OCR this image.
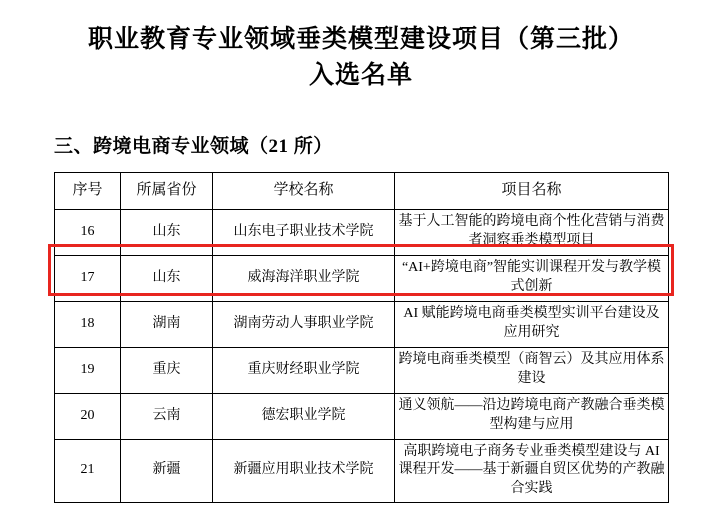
职业教育专业领域垂类模型建设项目（第三批）
入选名单
三、跨境电商专业领域（21 所）
序号	所属省份	学校名称	项目名称
16	山东	山东电子职业技术学院	基于人工智能的跨境电商个性化营销与消费者洞察垂类模型项目
17	山东	威海海洋职业学院	“AI+跨境电商”智能实训课程开发与教学模式创新
18	湖南	湖南劳动人事职业学院	AI 赋能跨境电商垂类模型实训平台建设及应用研究
19	重庆	重庆财经职业学院	跨境电商垂类模型（商智云）及其应用体系建设
20	云南	德宏职业学院	通义领航——沿边跨境电商产教融合垂类模型构建与应用
21	新疆	新疆应用职业技术学院	高职跨境电子商务专业垂类模型建设与 AI 课程开发——基于新疆自贸区优势的产教融合实践
